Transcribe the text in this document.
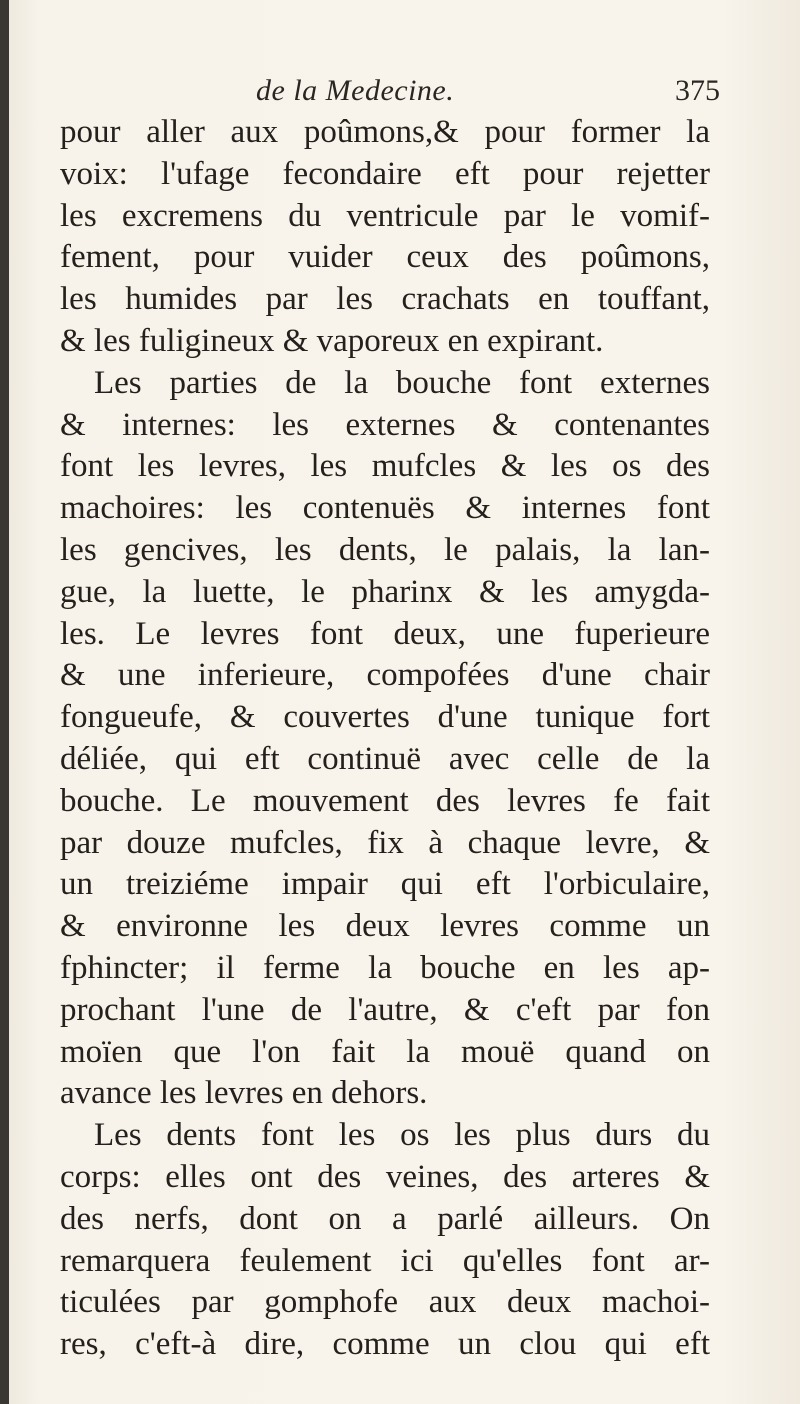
de la Medecine.	375
pour aller aux poûmons,& pour former la
voix: l'ufage fecondaire eft pour rejetter
les excremens du ventricule par le vomif-
fement, pour vuider ceux des poûmons,
les humides par les crachats en touffant,
& les fuligineux & vaporeux en expirant.
Les parties de la bouche font externes
& internes: les externes & contenantes
font les levres, les mufcles & les os des
machoires: les contenuës & internes font
les gencives, les dents, le palais, la lan-
gue, la luette, le pharinx & les amygda-
les. Le levres font deux, une fuperieure
& une inferieure, compofées d'une chair
fongueufe, & couvertes d'une tunique fort
déliée, qui eft continuë avec celle de la
bouche. Le mouvement des levres fe fait
par douze mufcles, fix à chaque levre, &
un treiziéme impair qui eft l'orbiculaire,
& environne les deux levres comme un
fphincter; il ferme la bouche en les ap-
prochant l'une de l'autre, & c'eft par fon
moïen que l'on fait la mouë quand on
avance les levres en dehors.
Les dents font les os les plus durs du
corps: elles ont des veines, des arteres &
des nerfs, dont on a parlé ailleurs. On
remarquera feulement ici qu'elles font ar-
ticulées par gomphofe aux deux machoi-
res, c'eft-à dire, comme un clou qui eft
